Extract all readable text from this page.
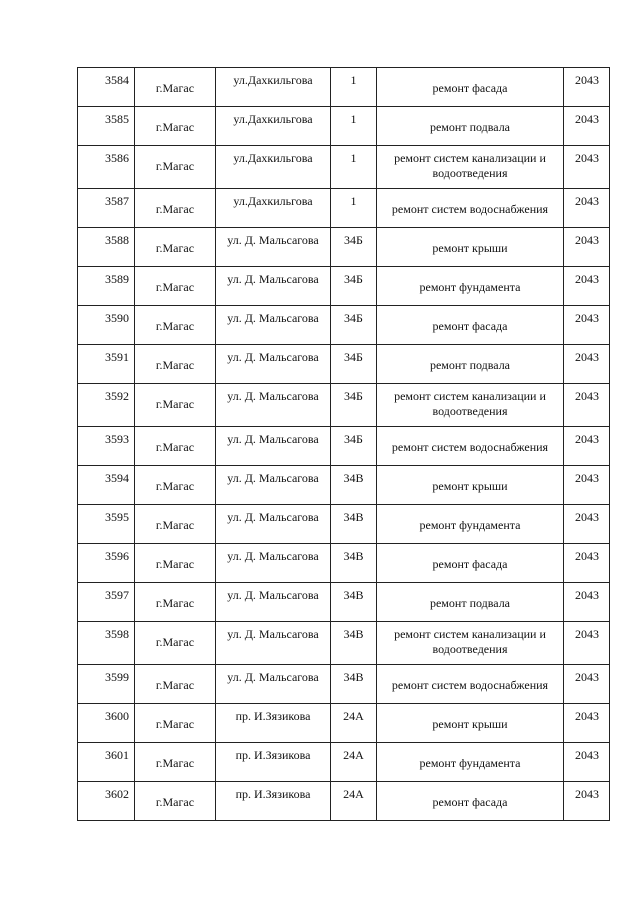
3584	г.Магас	ул.Дахкильгова	1	ремонт фасада	2043

3585	г.Магас	ул.Дахкильгова	1	ремонт подвала	2043

3586	г.Магас	ул.Дахкильгова	1	ремонт систем канализации и водоотведения	2043

3587	г.Магас	ул.Дахкильгова	1	ремонт систем водоснабжения	2043

3588	г.Магас	ул. Д. Мальсагова	34Б	ремонт крыши	2043

3589	г.Магас	ул. Д. Мальсагова	34Б	ремонт фундамента	2043

3590	г.Магас	ул. Д. Мальсагова	34Б	ремонт фасада	2043

3591	г.Магас	ул. Д. Мальсагова	34Б	ремонт подвала	2043

3592	г.Магас	ул. Д. Мальсагова	34Б	ремонт систем канализации и водоотведения	2043

3593	г.Магас	ул. Д. Мальсагова	34Б	ремонт систем водоснабжения	2043

3594	г.Магас	ул. Д. Мальсагова	34В	ремонт крыши	2043

3595	г.Магас	ул. Д. Мальсагова	34В	ремонт фундамента	2043

3596	г.Магас	ул. Д. Мальсагова	34В	ремонт фасада	2043

3597	г.Магас	ул. Д. Мальсагова	34В	ремонт подвала	2043

3598	г.Магас	ул. Д. Мальсагова	34В	ремонт систем канализации и водоотведения	2043

3599	г.Магас	ул. Д. Мальсагова	34В	ремонт систем водоснабжения	2043

3600	г.Магас	пр. И.Зязикова	24А	ремонт крыши	2043

3601	г.Магас	пр. И.Зязикова	24А	ремонт фундамента	2043

3602	г.Магас	пр. И.Зязикова	24А	ремонт фасада	2043
